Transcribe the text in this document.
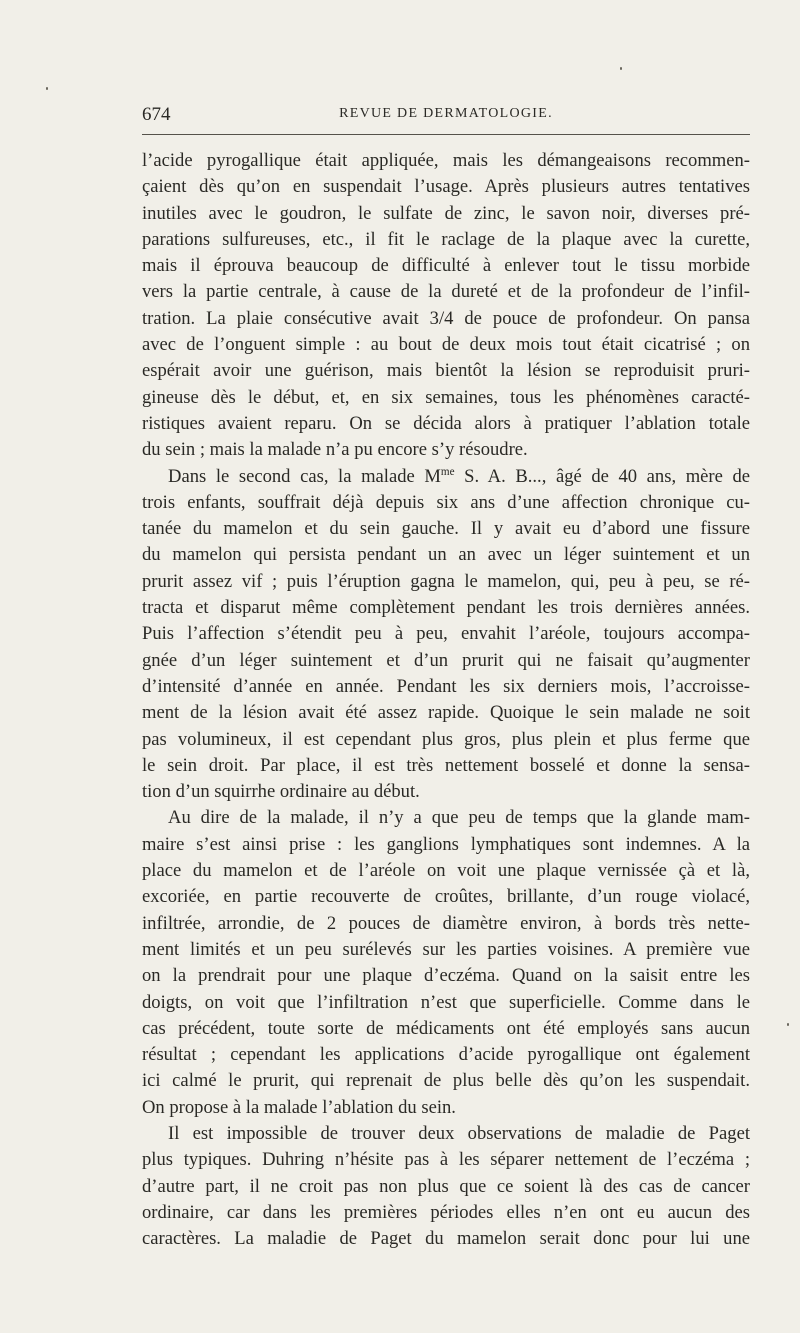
674	REVUE DE DERMATOLOGIE.

l’acide pyrogallique était appliquée, mais les démangeaisons recommen-
çaient dès qu’on en suspendait l’usage. Après plusieurs autres tentatives
inutiles avec le goudron, le sulfate de zinc, le savon noir, diverses pré-
parations sulfureuses, etc., il fit le raclage de la plaque avec la curette,
mais il éprouva beaucoup de difficulté à enlever tout le tissu morbide
vers la partie centrale, à cause de la dureté et de la profondeur de l’infil-
tration. La plaie consécutive avait 3/4 de pouce de profondeur. On pansa
avec de l’onguent simple : au bout de deux mois tout était cicatrisé ; on
espérait avoir une guérison, mais bientôt la lésion se reproduisit pruri-
gineuse dès le début, et, en six semaines, tous les phénomènes caracté-
ristiques avaient reparu. On se décida alors à pratiquer l’ablation totale
du sein ; mais la malade n’a pu encore s’y résoudre.

Dans le second cas, la malade $M^{me}$ S. A. B..., âgé de 40 ans, mère de
trois enfants, souffrait déjà depuis six ans d’une affection chronique cu-
tanée du mamelon et du sein gauche. Il y avait eu d’abord une fissure
du mamelon qui persista pendant un an avec un léger suintement et un
prurit assez vif ; puis l’éruption gagna le mamelon, qui, peu à peu, se ré-
tracta et disparut même complètement pendant les trois dernières années.
Puis l’affection s’étendit peu à peu, envahit l’aréole, toujours accompa-
gnée d’un léger suintement et d’un prurit qui ne faisait qu’augmenter
d’intensité d’année en année. Pendant les six derniers mois, l’accroisse-
ment de la lésion avait été assez rapide. Quoique le sein malade ne soit
pas volumineux, il est cependant plus gros, plus plein et plus ferme que
le sein droit. Par place, il est très nettement bosselé et donne la sensa-
tion d’un squirrhe ordinaire au début.

Au dire de la malade, il n’y a que peu de temps que la glande mam-
maire s’est ainsi prise : les ganglions lymphatiques sont indemnes. A la
place du mamelon et de l’aréole on voit une plaque vernissée çà et là,
excoriée, en partie recouverte de croûtes, brillante, d’un rouge violacé,
infiltrée, arrondie, de 2 pouces de diamètre environ, à bords très nette-
ment limités et un peu surélevés sur les parties voisines. A première vue
on la prendrait pour une plaque d’eczéma. Quand on la saisit entre les
doigts, on voit que l’infiltration n’est que superficielle. Comme dans le
cas précédent, toute sorte de médicaments ont été employés sans aucun
résultat ; cependant les applications d’acide pyrogallique ont également
ici calmé le prurit, qui reprenait de plus belle dès qu’on les suspendait.
On propose à la malade l’ablation du sein.

Il est impossible de trouver deux observations de maladie de Paget
plus typiques. Duhring n’hésite pas à les séparer nettement de l’eczéma ;
d’autre part, il ne croit pas non plus que ce soient là des cas de cancer
ordinaire, car dans les premières périodes elles n’en ont eu aucun des
caractères. La maladie de Paget du mamelon serait donc pour lui une
